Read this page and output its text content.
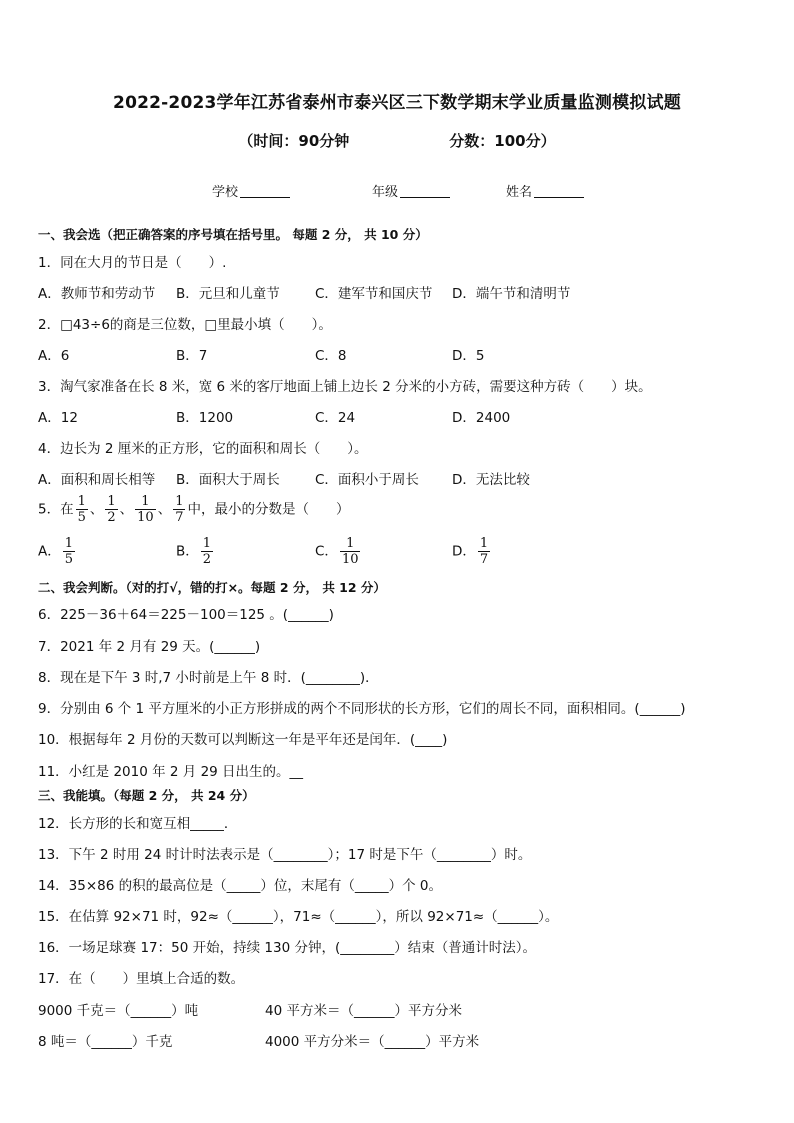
2022-2023学年江苏省泰州市泰兴区三下数学期末学业质量监测模拟试题
（时间：90分钟	分数：100分）
学校	年级	姓名
一、我会选（把正确答案的序号填在括号里。 每题 2 分， 共 10 分）
1．同在大月的节日是（　　）.
A．教师节和劳动节 B．元旦和儿童节	C．建军节和国庆节 D．端午节和清明节
2．□43÷6的商是三位数，□里最小填（　　）。
A．6	B．7	C．8	D．5
3．淘气家准备在长 8 米，宽 6 米的客厅地面上铺上边长 2 分米的小方砖，需要这种方砖（　　）块。
A．12	B．1200	C．24	D．2400
4．边长为 2 厘米的正方形，它的面积和周长（　　）。
A．面积和周长相等 B．面积大于周长	C．面积小于周长 D．无法比较
5．在 $\frac{1}{5}$ 、 $\frac{1}{2}$ 、 $\frac{1}{10}$ 、 $\frac{1}{7}$ 中，最小的分数是（　　）
A． $\frac{1}{5}$	B． $\frac{1}{2}$	C． $\frac{1}{10}$	D． $\frac{1}{7}$
二、我会判断。（对的打√，错的打×。每题 2 分， 共 12 分）
6．225－36＋64＝225－100＝125 。(______)
7．2021 年 2 月有 29 天。(______)
8．现在是下午 3 时,7 小时前是上午 8 时．(________)．
9．分别由 6 个 1 平方厘米的小正方形拼成的两个不同形状的长方形，它们的周长不同，面积相同。(______)
10．根据每年 2 月份的天数可以判断这一年是平年还是闰年．(____)
11．小红是 2010 年 2 月 29 日出生的。__
三、我能填。（每题 2 分， 共 24 分）
12．长方形的长和宽互相_____．
13．下午 2 时用 24 时计时法表示是（________）；17 时是下午（________）时。
14．35×86 的积的最高位是（_____）位，末尾有（_____）个 0。
15．在估算 92×71 时，92≈（______），71≈（______），所以 92×71≈（______）。
16．一场足球赛 17：50 开始，持续 130 分钟，(________）结束（普通计时法）。
17．在（　　）里填上合适的数。
9000 千克＝（______）吨	40 平方米＝（______）平方分米
8 吨＝（______）千克	4000 平方分米＝（______）平方米
